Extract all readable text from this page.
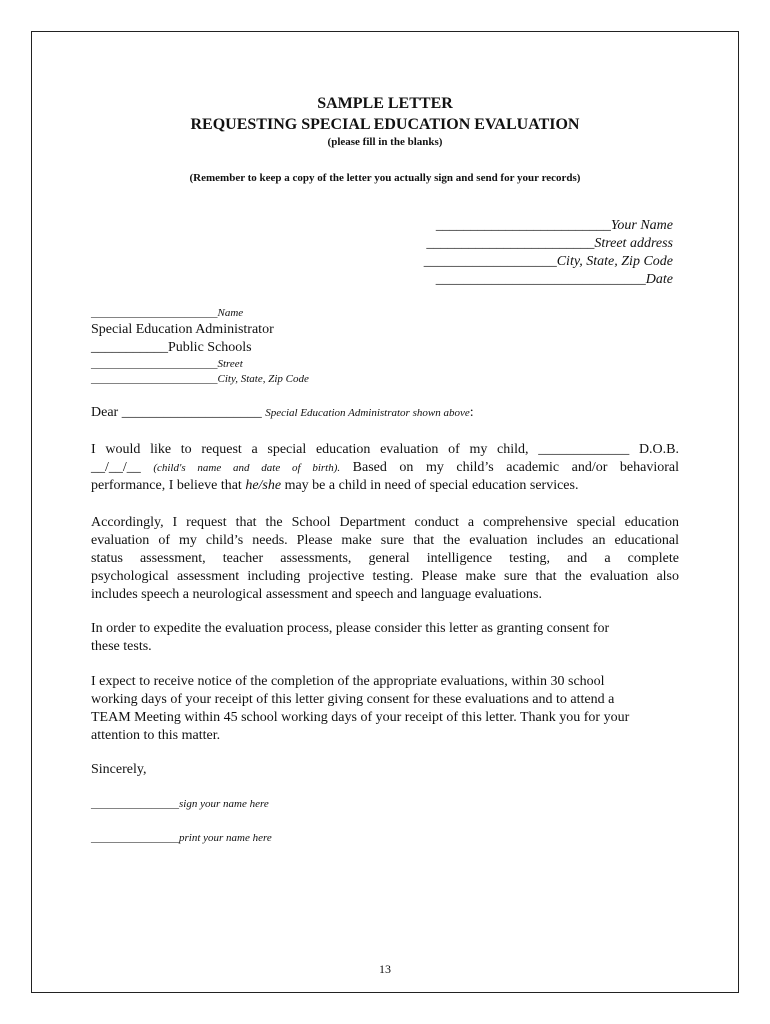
SAMPLE LETTER
REQUESTING SPECIAL EDUCATION EVALUATION
(please fill in the blanks)
(Remember to keep a copy of the letter you actually sign and send for your records)
_________________________Your Name
________________________Street address
___________________City, State, Zip Code
______________________________Date
_______________________Name
Special Education Administrator
___________Public Schools
_______________________Street
_______________________City, State, Zip Code
Dear ____________________ Special Education Administrator shown above:
I would like to request a special education evaluation of my child, _____________ D.O.B.
__/__/__ (child's name and date of birth). Based on my child’s academic and/or behavioral
performance, I believe that he/she may be a child in need of special education services.
Accordingly, I request that the School Department conduct a comprehensive special education
evaluation of my child’s needs. Please make sure that the evaluation includes an educational
status assessment, teacher assessments, general intelligence testing, and a complete
psychological assessment including projective testing. Please make sure that the evaluation also
includes speech a neurological assessment and speech and language evaluations.
In order to expedite the evaluation process, please consider this letter as granting consent for
these tests.
I expect to receive notice of the completion of the appropriate evaluations, within 30 school
working days of your receipt of this letter giving consent for these evaluations and to attend a
TEAM Meeting within 45 school working days of your receipt of this letter. Thank you for your
attention to this matter.
Sincerely,
________________sign your name here
________________print your name here
13
